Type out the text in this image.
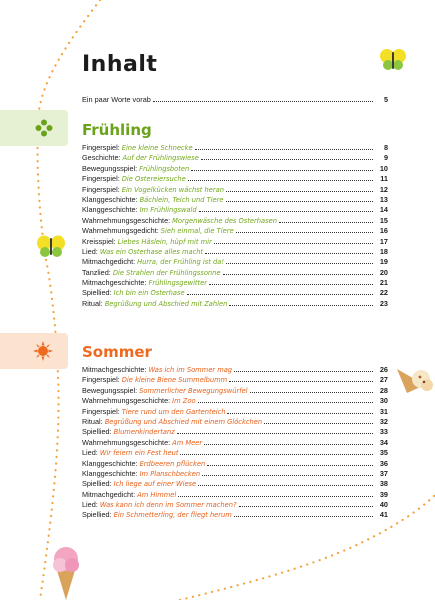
Inhalt
Ein paar Worte vorab	5
Frühling
Sommer
Fingerspiel: Eine kleine Schnecke	8
Geschichte: Auf der Frühlingswiese	9
Bewegungsspiel: Frühlingsboten	10
Fingerspiel: Die Ostereiersuche	11
Fingerspiel: Ein Vogelkücken wächst heran	12
Klanggeschichte: Bächlein, Teich und Tiere	13
Klanggeschichte: Im Frühlingswald	14
Wahrnehmungsgeschichte: Morgenwäsche des Osterhasen	15
Wahrnehmungsgedicht: Sieh einmal, die Tiere	16
Kreisspiel: Liebes Häslein, hüpf mit mir	17
Lied: Was ein Osterhase alles macht	18
Mitmachgedicht: Hurra, der Frühling ist da!	19
Tanzlied: Die Strahlen der Frühlingssonne	20
Mitmachgeschichte: Frühlingsgewitter	21
Spiellied: Ich bin ein Osterhase	22
Ritual: Begrüßung und Abschied mit Zahlen	23
Mitmachgeschichte: Was ich im Sommer mag	26
Fingerspiel: Die kleine Biene Summelbumm	27
Bewegungsspiel: Sommerlicher Bewegungswürfel	28
Wahrnehmungsgeschichte: Im Zoo	30
Fingerspiel: Tiere rund um den Gartenteich	31
Ritual: Begrüßung und Abschied mit einem Glöckchen	32
Spiellied: Blumenkindertanz	33
Wahrnehmungsgeschichte: Am Meer	34
Lied: Wir feiern ein Fest heut	35
Klanggeschichte: Erdbeeren pflücken	36
Klanggeschichte: Im Planschbecken	37
Spiellied: Ich liege auf einer Wiese	38
Mitmachgedicht: Am Himmel	39
Lied: Was kann ich denn im Sommer machen?	40
Spiellied: Ein Schmetterling, der fliegt herum	41
